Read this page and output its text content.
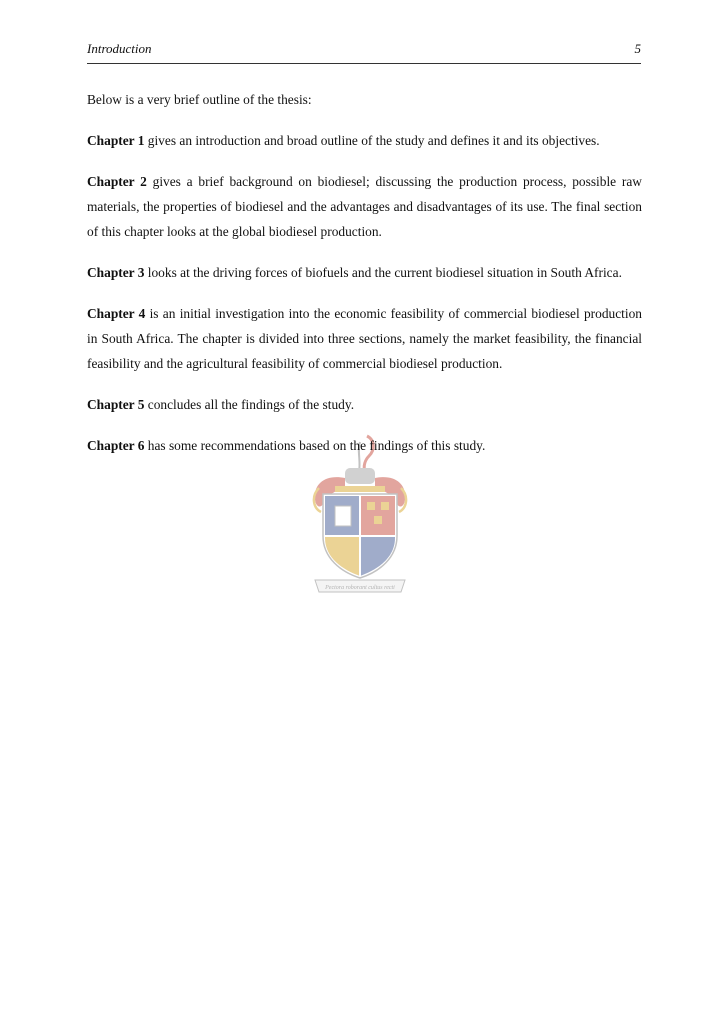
Introduction	5
Pectora roborant cultus recti

Below is a very brief outline of the thesis:

Chapter 1 gives an introduction and broad outline of the study and defines it and its objectives.

Chapter 2 gives a brief background on biodiesel; discussing the production process, possible raw materials, the properties of biodiesel and the advantages and disadvantages of its use. The final section of this chapter looks at the global biodiesel production.

Chapter 3 looks at the driving forces of biofuels and the current biodiesel situation in South Africa.

Chapter 4 is an initial investigation into the economic feasibility of commercial biodiesel production in South Africa. The chapter is divided into three sections, namely the market feasibility, the financial feasibility and the agricultural feasibility of commercial biodiesel production.

Chapter 5 concludes all the findings of the study.

Chapter 6 has some recommendations based on the findings of this study.
